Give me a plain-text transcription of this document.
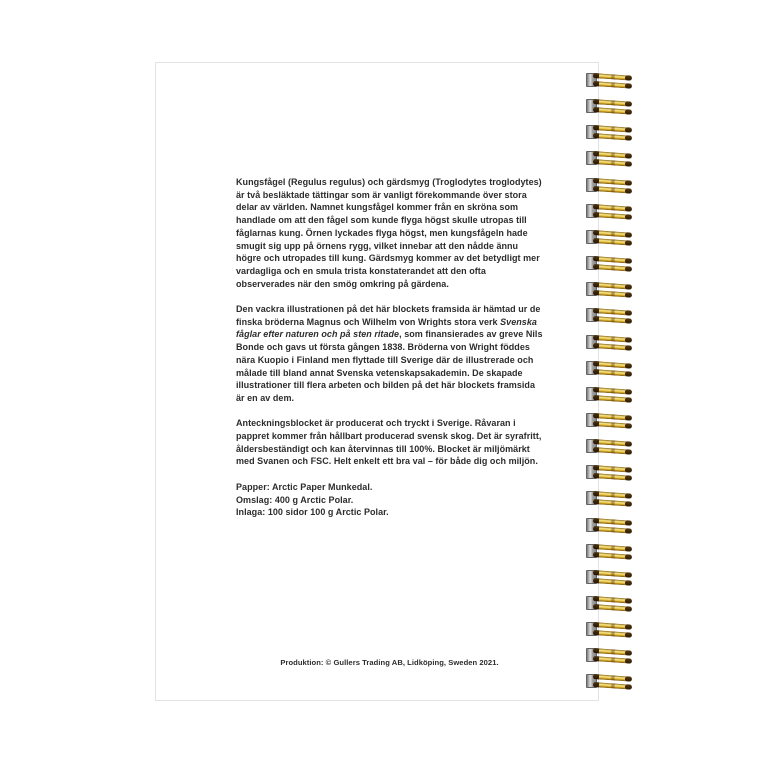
Kungsfågel (Regulus regulus) och gärdsmyg (Troglodytes troglodytes) är två besläktade tättingar som är vanligt förekommande över stora delar av världen. Namnet kungsfågel kommer från en skröna som handlade om att den fågel som kunde flyga högst skulle utropas till fåglarnas kung. Örnen lyckades flyga högst, men kungsfågeln hade smugit sig upp på örnens rygg, vilket innebar att den nådde ännu högre och utropades till kung. Gärdsmyg kommer av det betydligt mer vardagliga och en smula trista konstaterandet att den ofta observerades när den smög omkring på gärdena.

Den vackra illustrationen på det här blockets framsida är hämtad ur de finska bröderna Magnus och Wilhelm von Wrights stora verk Svenska fåglar efter naturen och på sten ritade, som finansierades av greve Nils Bonde och gavs ut första gången 1838. Bröderna von Wright föddes nära Kuopio i Finland men flyttade till Sverige där de illustrerade och målade till bland annat Svenska vetenskapsakademin. De skapade illustrationer till flera arbeten och bilden på det här blockets framsida är en av dem.

Anteckningsblocket är producerat och tryckt i Sverige. Råvaran i pappret kommer från hållbart producerad svensk skog. Det är syrafritt, åldersbeständigt och kan återvinnas till 100%. Blocket är miljömärkt med Svanen och FSC. Helt enkelt ett bra val – för både dig och miljön.

Papper: Arctic Paper Munkedal.
Omslag: 400 g Arctic Polar.
Inlaga: 100 sidor 100 g Arctic Polar.

Produktion: © Gullers Trading AB, Lidköping, Sweden 2021.
